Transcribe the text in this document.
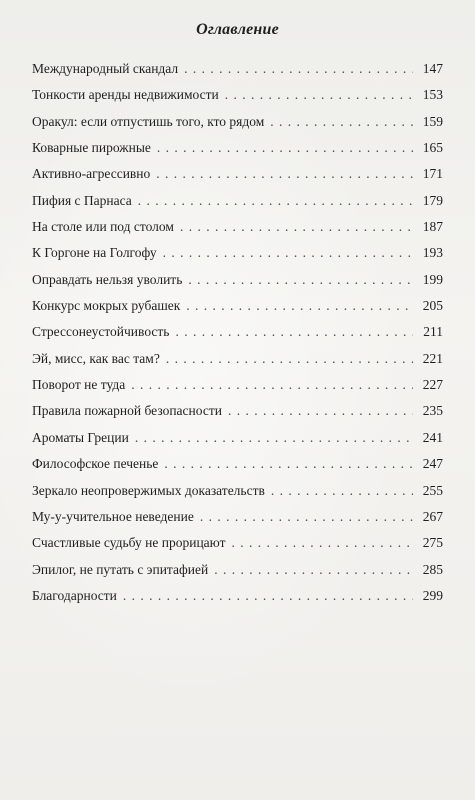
Оглавление
Международный скандал . . .	147
Тонкости аренды недвижимости . . .	153
Оракул: если отпустишь того, кто рядом . . .	159
Коварные пирожные . . .	165
Активно-агрессивно . . .	171
Пифия с Парнаса . . .	179
На столе или под столом . . .	187
К Горгоне на Голгофу . . .	193
Оправдать нельзя уволить . . .	199
Конкурс мокрых рубашек . . .	205
Стрессонеустойчивость . . .	211
Эй, мисс, как вас там? . . .	221
Поворот не туда . . .	227
Правила пожарной безопасности . . .	235
Ароматы Греции . . .	241
Философское печенье . . .	247
Зеркало неопровержимых доказательств . . .	255
Му-у-учительное неведение . . .	267
Счастливые судьбу не прорицают . . .	275
Эпилог, не путать с эпитафией . . .	285
Благодарности . . .	299
